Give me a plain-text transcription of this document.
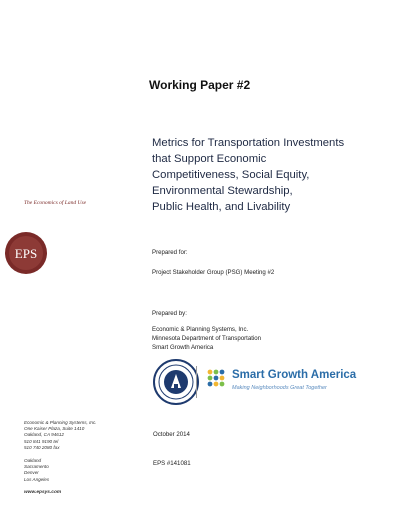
The Economics of Land Use
EPS
Working Paper #2
Metrics for Transportation Investments
that Support Economic
Competitiveness, Social Equity,
Environmental Stewardship,
Public Health, and Livability
Prepared for:
Project Stakeholder Group (PSG) Meeting #2
Prepared by:
Economic & Planning Systems, Inc.
Minnesota Department of Transportation
Smart Growth America
Smart Growth America
Making Neighborhoods Great Together
October 2014
EPS #141081
Economic & Planning Systems, Inc.
One Kaiser Plaza, Suite 1410
Oakland, CA 94612
510 841 9190 tel
510 740 2080 fax
Oakland
Sacramento
Denver
Los Angeles
www.epsys.com
